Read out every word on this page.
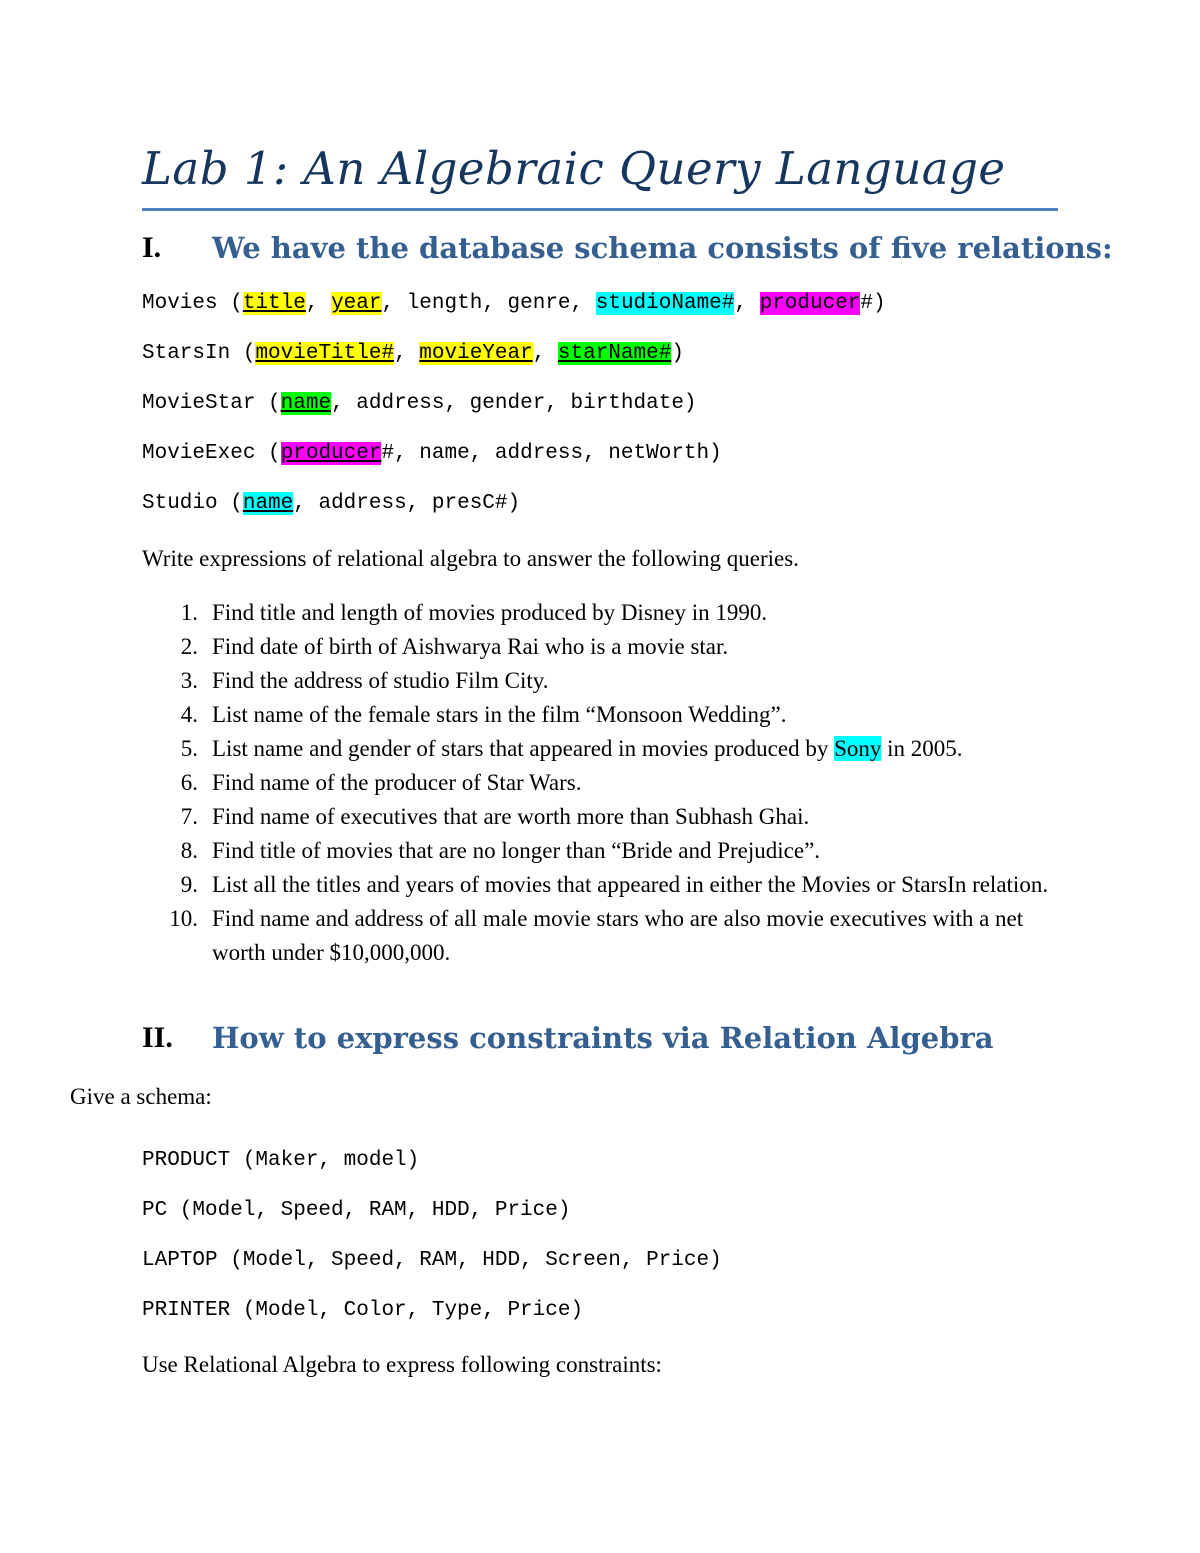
Lab 1: An Algebraic Query Language
I. We have the database schema consists of five relations:
Movies (title, year, length, genre, studioName#, producer#)
StarsIn (movieTitle#, movieYear, starName#)
MovieStar (name, address, gender, birthdate)
MovieExec (producer#, name, address, netWorth)
Studio (name, address, presC#)
Write expressions of relational algebra to answer the following queries.
1. Find title and length of movies produced by Disney in 1990.
2. Find date of birth of Aishwarya Rai who is a movie star.
3. Find the address of studio Film City.
4. List name of the female stars in the film “Monsoon Wedding”.
5. List name and gender of stars that appeared in movies produced by Sony in 2005.
6. Find name of the producer of Star Wars.
7. Find name of executives that are worth more than Subhash Ghai.
8. Find title of movies that are no longer than “Bride and Prejudice”.
9. List all the titles and years of movies that appeared in either the Movies or StarsIn relation.
10. Find name and address of all male movie stars who are also movie executives with a net worth under $10,000,000.
II. How to express constraints via Relation Algebra
Give a schema:
PRODUCT (Maker, model)
PC (Model, Speed, RAM, HDD, Price)
LAPTOP (Model, Speed, RAM, HDD, Screen, Price)
PRINTER (Model, Color, Type, Price)
Use Relational Algebra to express following constraints:
